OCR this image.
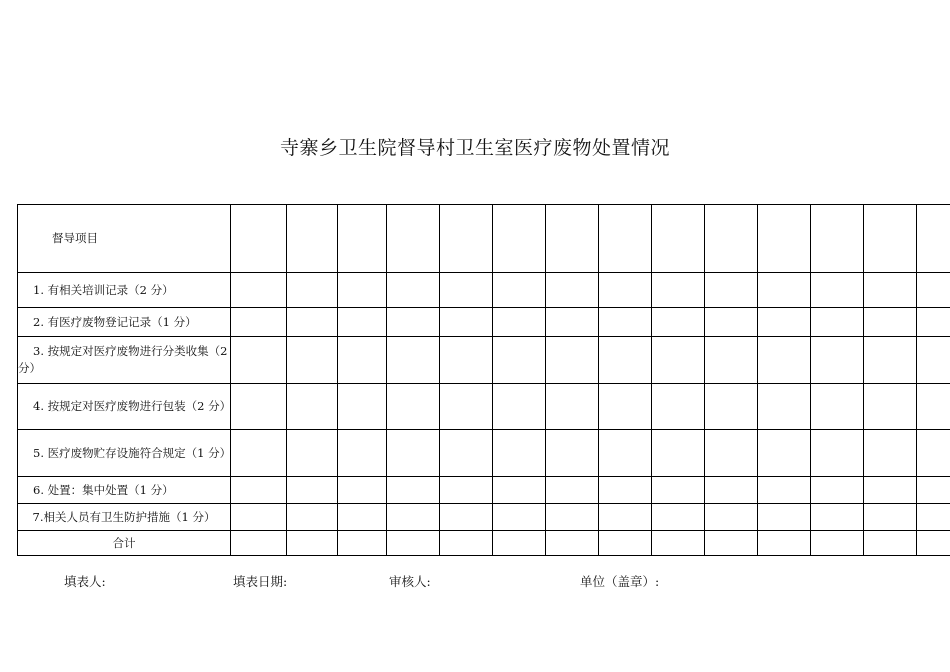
寺寨乡卫生院督导村卫生室医疗废物处置情况
督导项目														
1. 有相关培训记录（2 分）														
2. 有医疗废物登记记录（1 分）														
3. 按规定对医疗废物进行分类收集（2 分）														
4. 按规定对医疗废物进行包装（2 分）														
5. 医疗废物贮存设施符合规定（1 分）														
6. 处置：集中处置（1 分）														
7.相关人员有卫生防护措施（1 分）														
合计														
填表人:	填表日期:	审核人:	单位（盖章）:
